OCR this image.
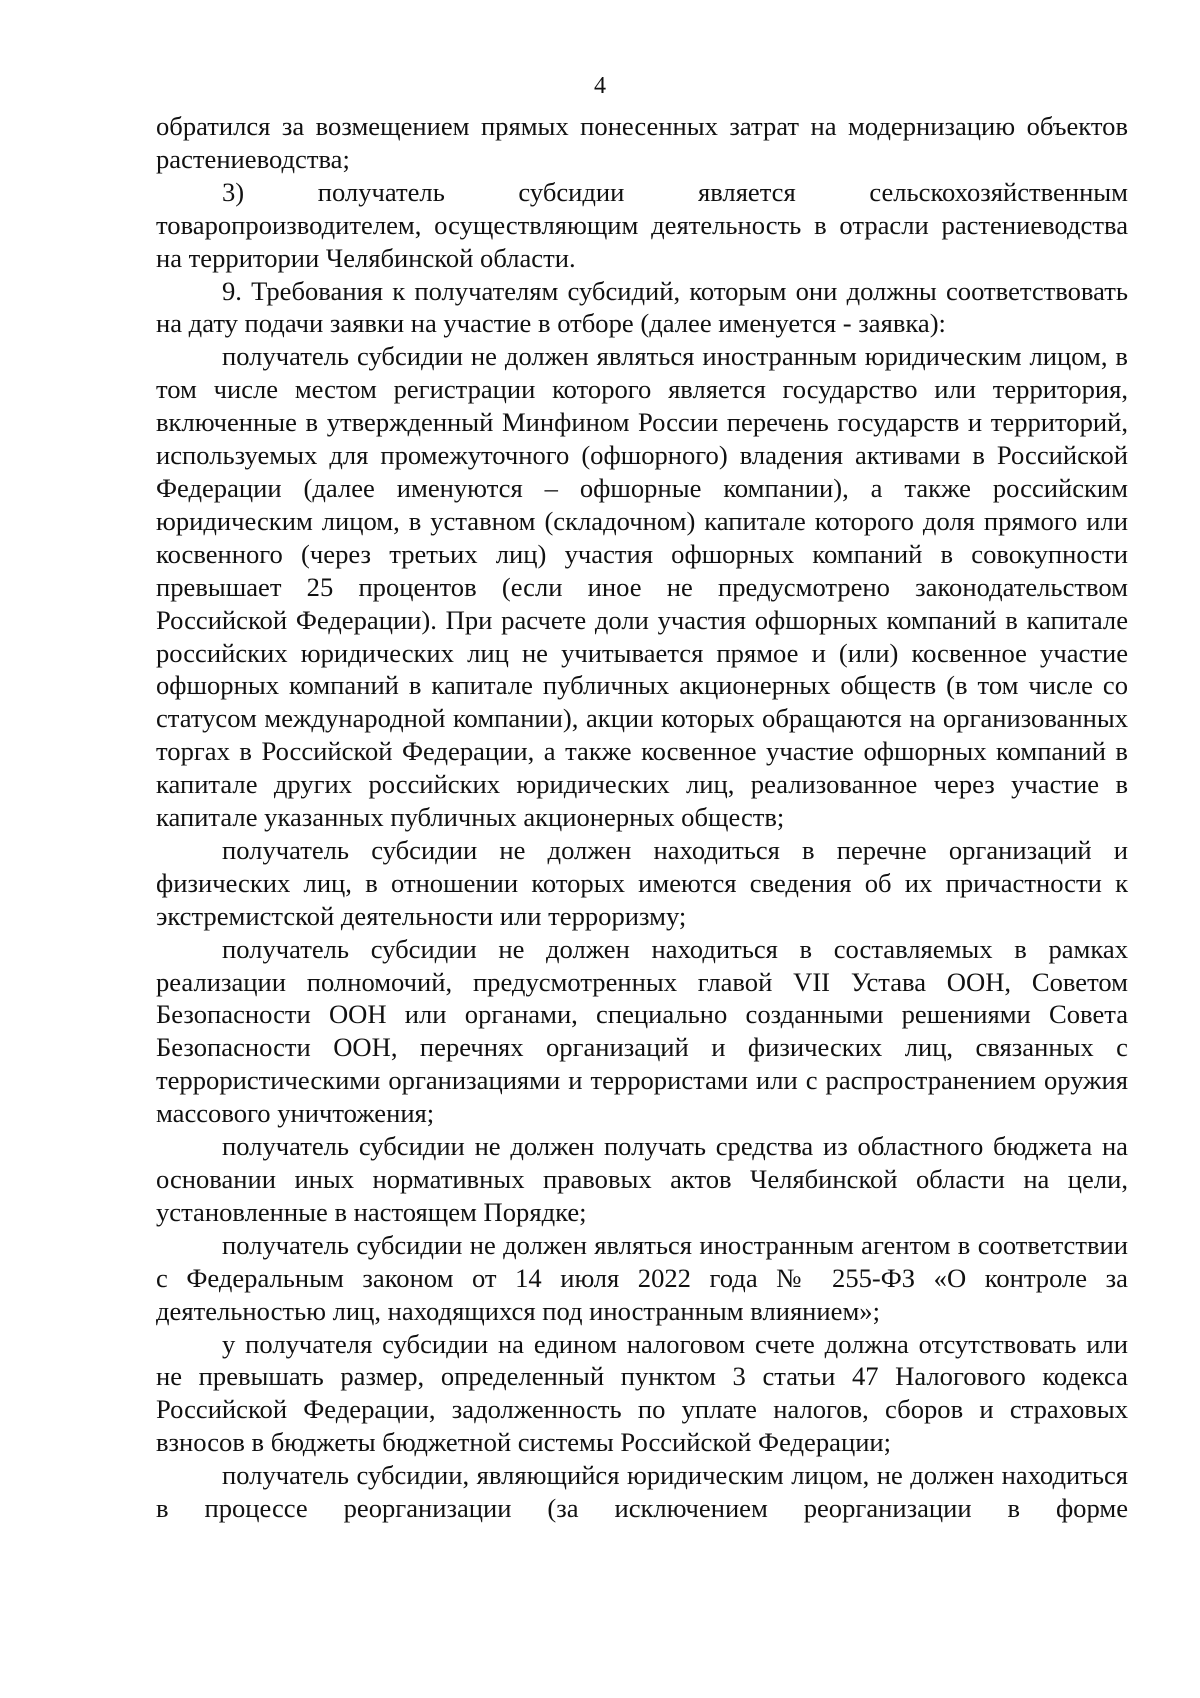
4

обратился за возмещением прямых понесенных затрат на модернизацию объектов растениеводства;

3) получатель субсидии является сельскохозяйственным товаропроизводителем, осуществляющим деятельность в отрасли растениеводства на территории Челябинской области.

9. Требования к получателям субсидий, которым они должны соответствовать на дату подачи заявки на участие в отборе (далее именуется - заявка):

получатель субсидии не должен являться иностранным юридическим лицом, в том числе местом регистрации которого является государство или территория, включенные в утвержденный Минфином России перечень государств и территорий, используемых для промежуточного (офшорного) владения активами в Российской Федерации (далее именуются – офшорные компании), а также российским юридическим лицом, в уставном (складочном) капитале которого доля прямого или косвенного (через третьих лиц) участия офшорных компаний в совокупности превышает 25 процентов (если иное не предусмотрено законодательством Российской Федерации). При расчете доли участия офшорных компаний в капитале российских юридических лиц не учитывается прямое и (или) косвенное участие офшорных компаний в капитале публичных акционерных обществ (в том числе со статусом международной компании), акции которых обращаются на организованных торгах в Российской Федерации, а также косвенное участие офшорных компаний в капитале других российских юридических лиц, реализованное через участие в капитале указанных публичных акционерных обществ;

получатель субсидии не должен находиться в перечне организаций и физических лиц, в отношении которых имеются сведения об их причастности к экстремистской деятельности или терроризму;

получатель субсидии не должен находиться в составляемых в рамках реализации полномочий, предусмотренных главой VII Устава ООН, Советом Безопасности ООН или органами, специально созданными решениями Совета Безопасности ООН, перечнях организаций и физических лиц, связанных с террористическими организациями и террористами или с распространением оружия массового уничтожения;

получатель субсидии не должен получать средства из областного бюджета на основании иных нормативных правовых актов Челябинской области на цели, установленные в настоящем Порядке;

получатель субсидии не должен являться иностранным агентом в соответствии с Федеральным законом от 14 июля 2022 года № 255-ФЗ «О контроле за деятельностью лиц, находящихся под иностранным влиянием»;

у получателя субсидии на едином налоговом счете должна отсутствовать или не превышать размер, определенный пунктом 3 статьи 47 Налогового кодекса Российской Федерации, задолженность по уплате налогов, сборов и страховых взносов в бюджеты бюджетной системы Российской Федерации;

получатель субсидии, являющийся юридическим лицом, не должен находиться в процессе реорганизации (за исключением реорганизации в форме
